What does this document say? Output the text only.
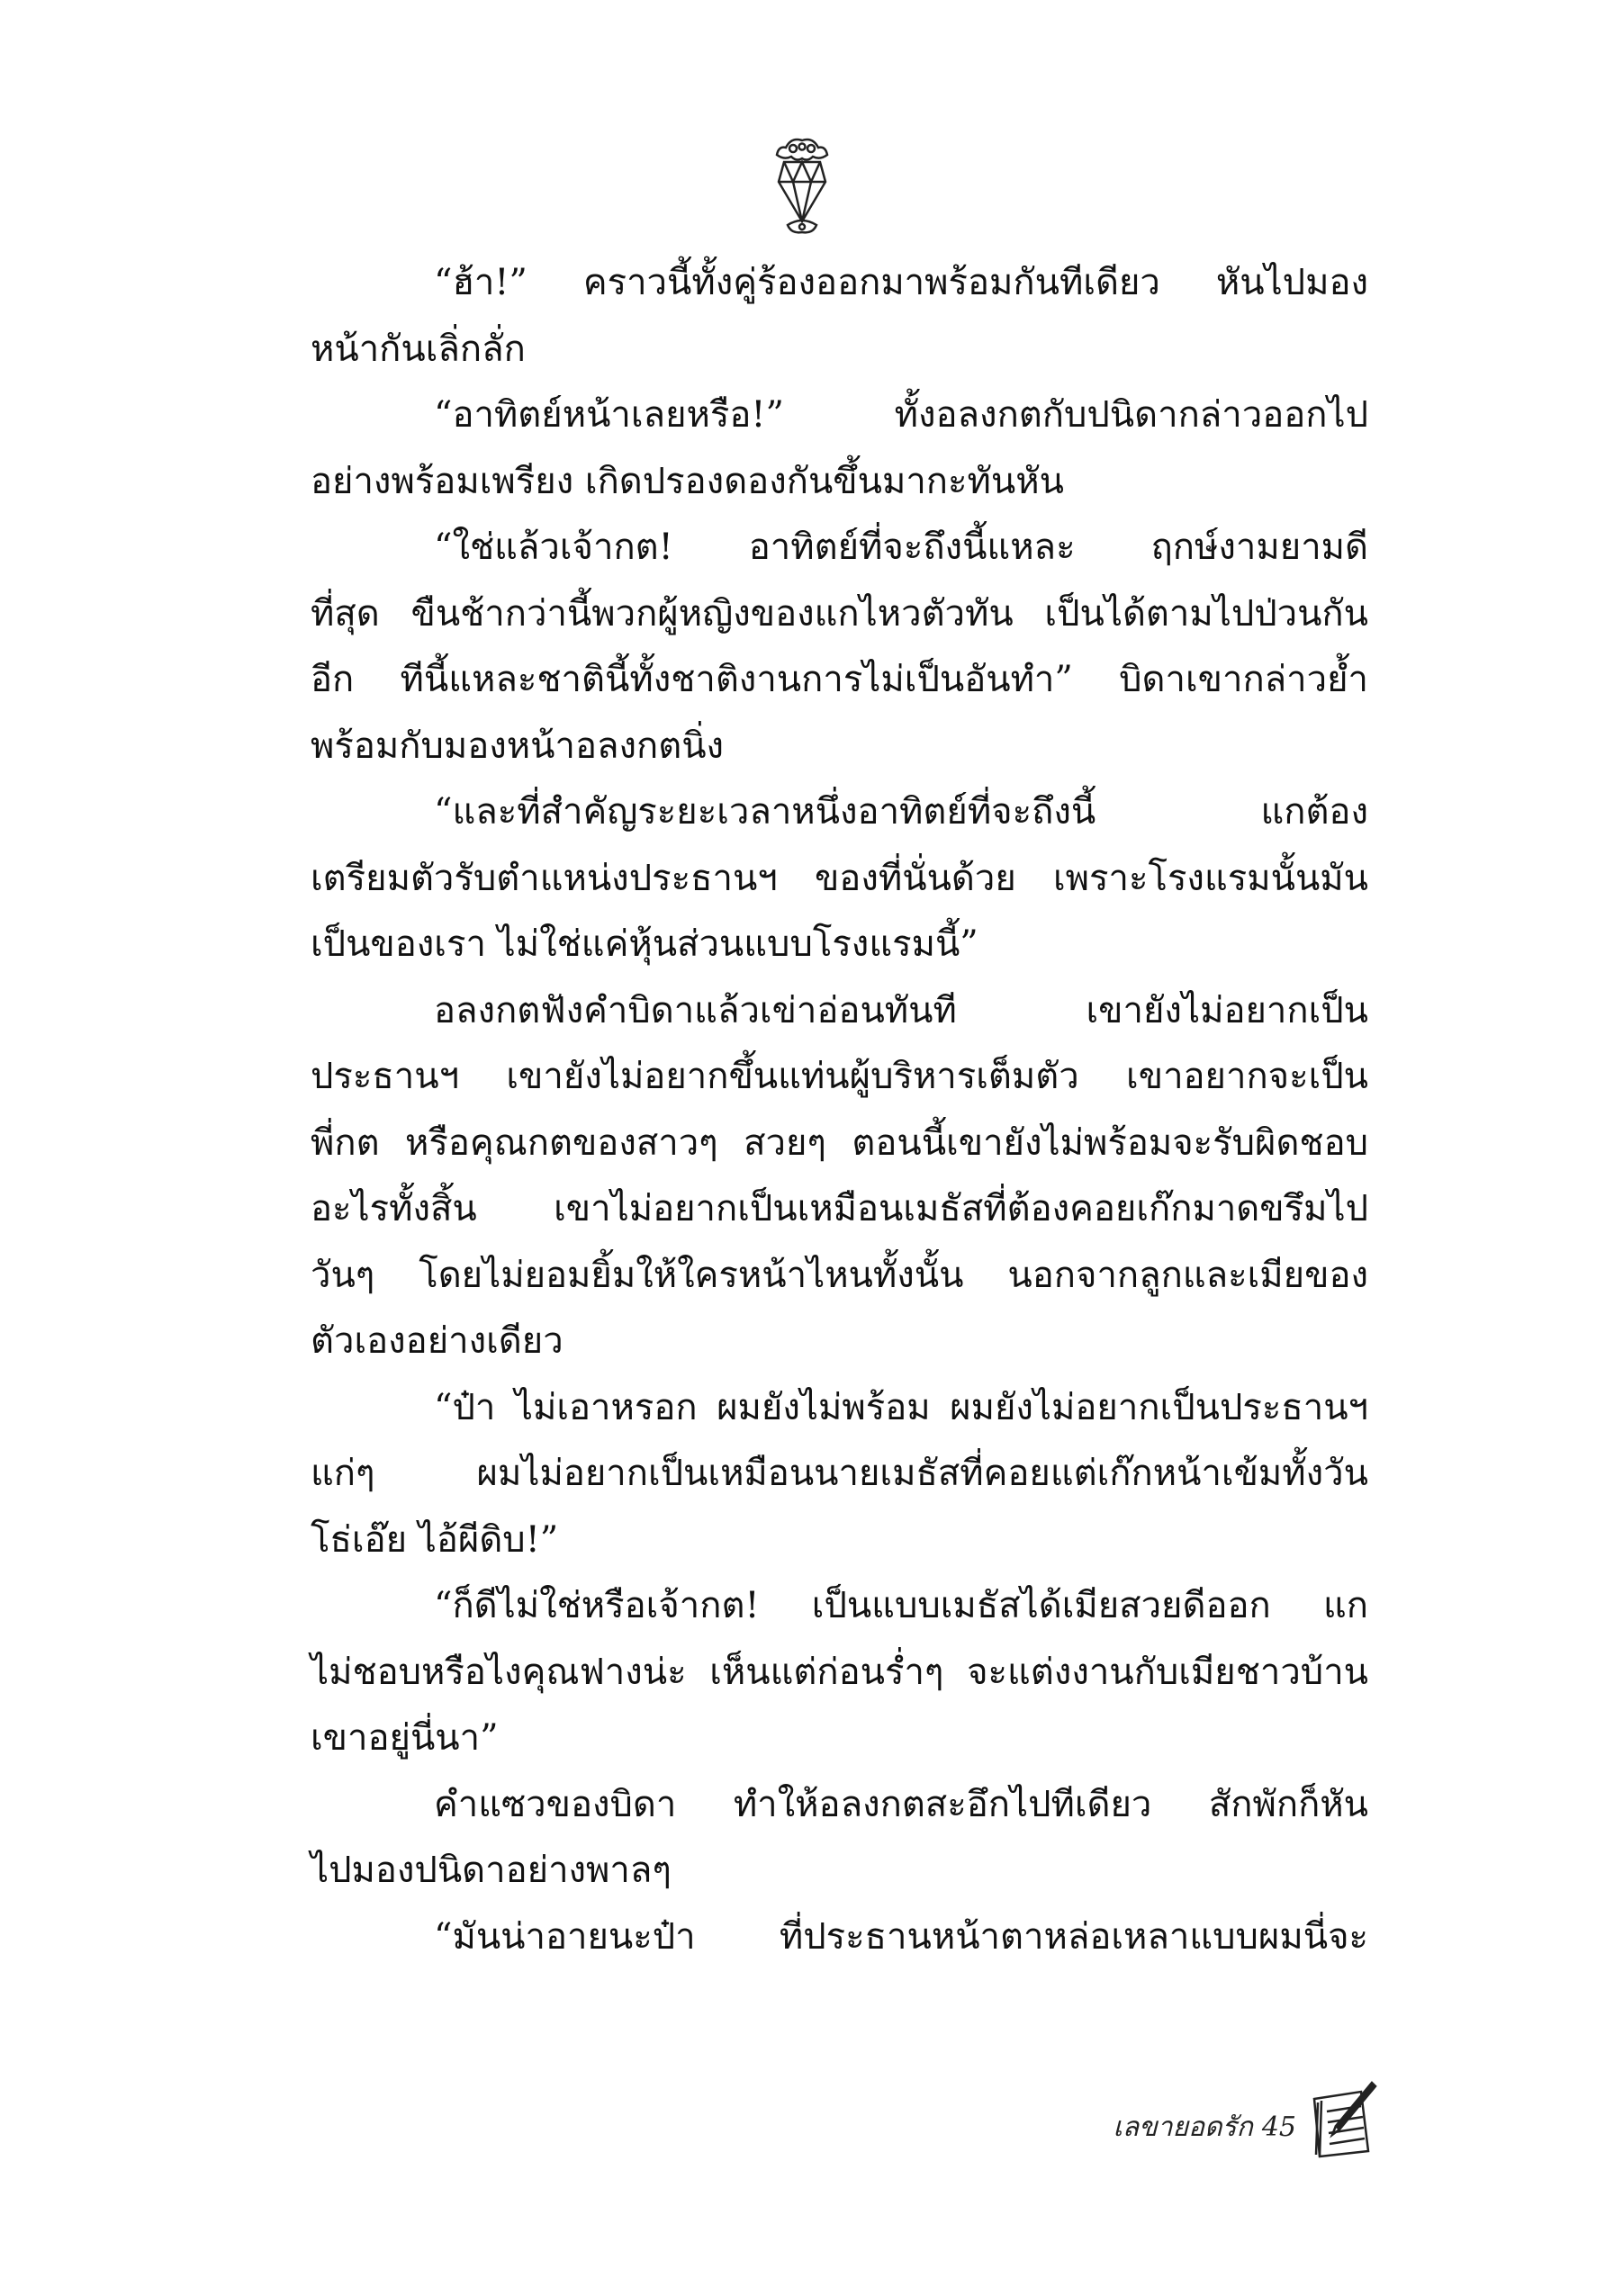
“ฮ้า!” คราวนี้ทั้งคู่ร้องออกมาพร้อมกันทีเดียว หันไปมอง
หน้ากันเลิ่กลั่ก
“อาทิตย์หน้าเลยหรือ!” ทั้งอลงกตกับปนิดากล่าวออกไป
อย่างพร้อมเพรียง เกิดปรองดองกันขึ้นมากะทันหัน
“ใช่แล้วเจ้ากต! อาทิตย์ที่จะถึงนี้แหละ ฤกษ์งามยามดี
ที่สุด ขืนช้ากว่านี้พวกผู้หญิงของแกไหวตัวทัน เป็นได้ตามไปป่วนกัน
อีก ทีนี้แหละชาตินี้ทั้งชาติงานการไม่เป็นอันทำ” บิดาเขากล่าวย้ำ
พร้อมกับมองหน้าอลงกตนิ่ง
“และที่สำคัญระยะเวลาหนึ่งอาทิตย์ที่จะถึงนี้ แกต้อง
เตรียมตัวรับตำแหน่งประธานฯ ของที่นั่นด้วย เพราะโรงแรมนั้นมัน
เป็นของเรา ไม่ใช่แค่หุ้นส่วนแบบโรงแรมนี้”
อลงกตฟังคำบิดาแล้วเข่าอ่อนทันที เขายังไม่อยากเป็น
ประธานฯ เขายังไม่อยากขึ้นแท่นผู้บริหารเต็มตัว เขาอยากจะเป็น
พี่กต หรือคุณกตของสาวๆ สวยๆ ตอนนี้เขายังไม่พร้อมจะรับผิดชอบ
อะไรทั้งสิ้น เขาไม่อยากเป็นเหมือนเมธัสที่ต้องคอยเก๊กมาดขรึมไป
วันๆ โดยไม่ยอมยิ้มให้ใครหน้าไหนทั้งนั้น นอกจากลูกและเมียของ
ตัวเองอย่างเดียว
“ป๋า ไม่เอาหรอก ผมยังไม่พร้อม ผมยังไม่อยากเป็นประธานฯ
แก่ๆ ผมไม่อยากเป็นเหมือนนายเมธัสที่คอยแต่เก๊กหน้าเข้มทั้งวัน
โธ่เอ๊ย ไอ้ผีดิบ!”
“ก็ดีไม่ใช่หรือเจ้ากต! เป็นแบบเมธัสได้เมียสวยดีออก แก
ไม่ชอบหรือไงคุณฟางน่ะ เห็นแต่ก่อนร่ำๆ จะแต่งงานกับเมียชาวบ้าน
เขาอยู่นี่นา”
คำแซวของบิดา ทำให้อลงกตสะอึกไปทีเดียว สักพักก็หัน
ไปมองปนิดาอย่างพาลๆ
“มันน่าอายนะป๋า ที่ประธานหน้าตาหล่อเหลาแบบผมนี่จะ
เลขายอดรัก 45
